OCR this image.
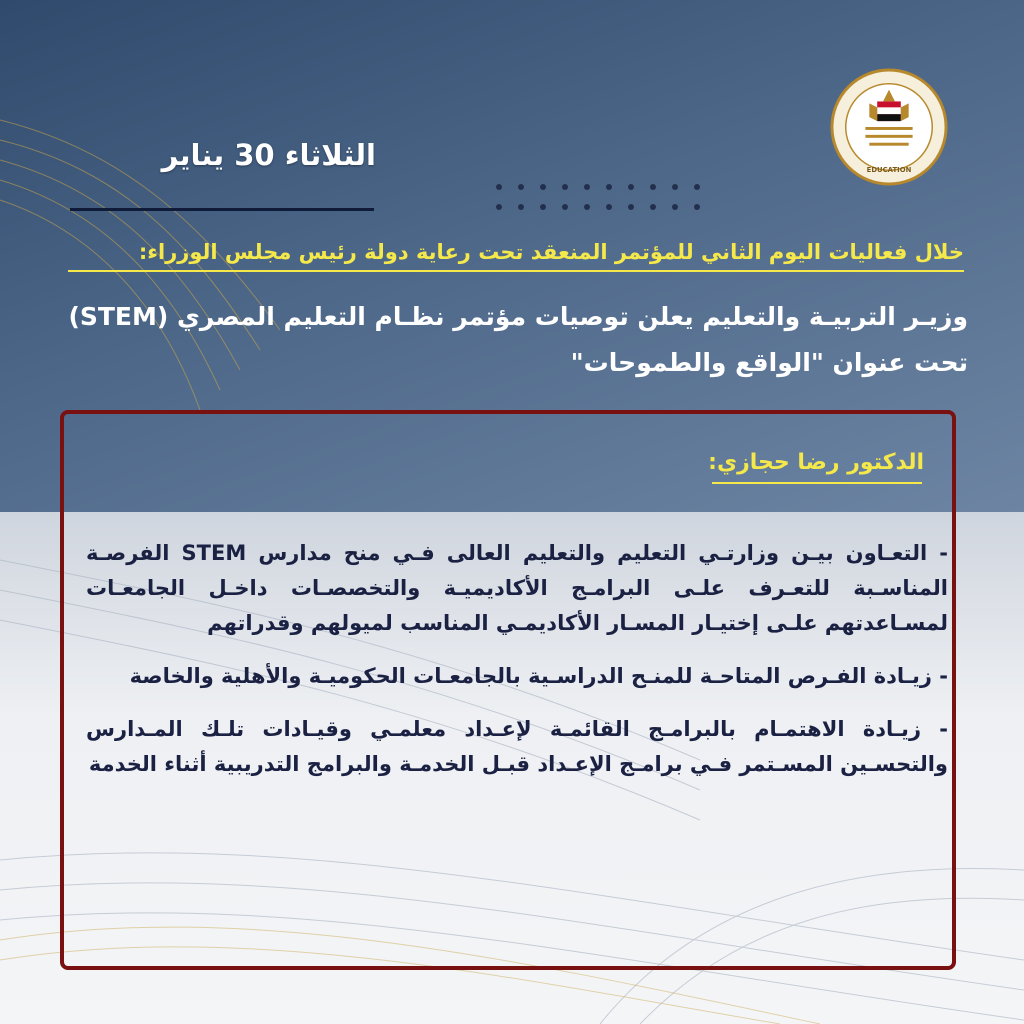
EDUCATION
الثلاثاء 30 يناير
خلال فعاليات اليوم الثاني للمؤتمر المنعقد تحت رعاية دولة رئيس مجلس الوزراء:
وزيـر التربيـة والتعليم يعلن توصيات مؤتمر نظـام التعليم المصري (STEM) تحت عنوان "الواقع والطموحات"
الدكتور رضا حجازي:

- التعـاون بيـن وزارتـي التعليم والتعليم العالى فـي منح مدارس STEM الفرصـة المناسـبة للتعـرف علـى البرامـج الأكاديميـة والتخصصـات داخـل الجامعـات لمسـاعدتهم علـى إختيـار المسـار الأكاديمـي المناسب لميولهم وقدراتهم

- زيـادة الفـرص المتاحـة للمنـح الدراسـية بالجامعـات الحكوميـة والأهلية والخاصة

- زيـادة الاهتمـام بالبرامـج القائمـة لإعـداد معلمـي وقيـادات تلـك المـدارس والتحسـين المسـتمر فـي برامـج الإعـداد قبـل الخدمـة والبرامج التدريبية أثناء الخدمة
